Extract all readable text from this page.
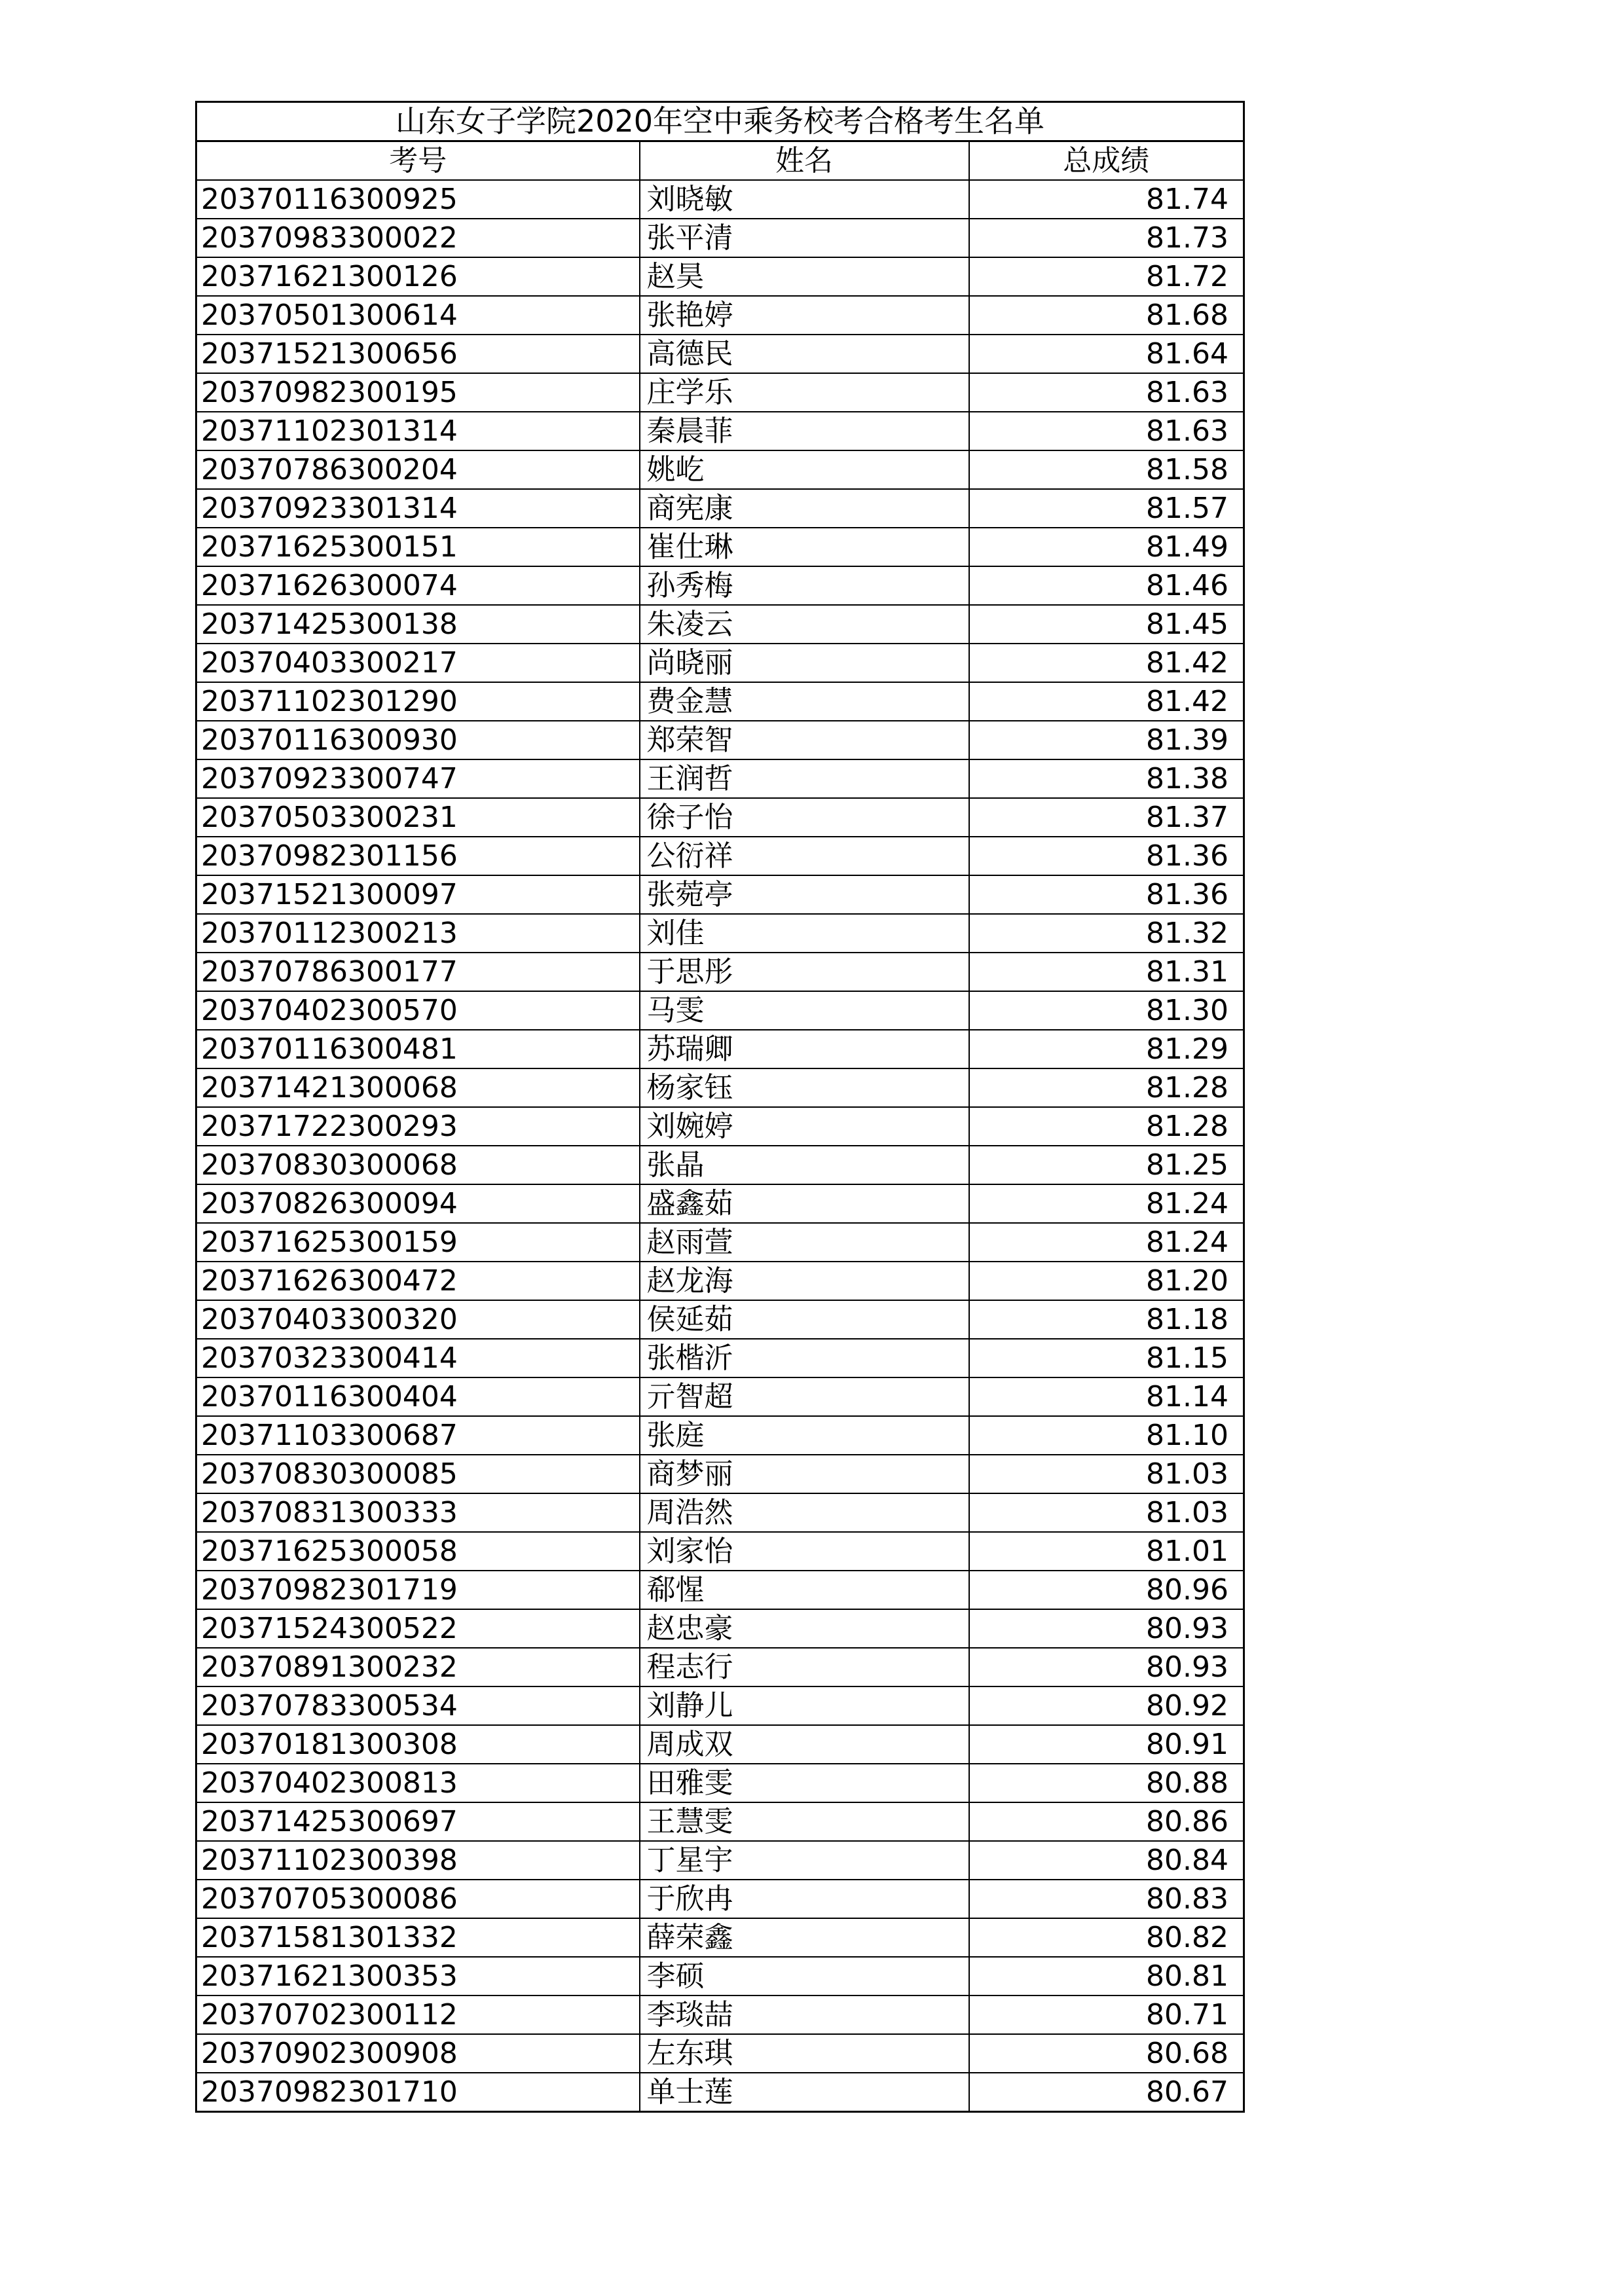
山东女子学院2020年空中乘务校考合格考生名单		
考号	姓名	总成绩
20370116300925	刘晓敏	81.74
20370983300022	张平清	81.73
20371621300126	赵昊	81.72
20370501300614	张艳婷	81.68
20371521300656	高德民	81.64
20370982300195	庄学乐	81.63
20371102301314	秦晨菲	81.63
20370786300204	姚屹	81.58
20370923301314	商宪康	81.57
20371625300151	崔仕琳	81.49
20371626300074	孙秀梅	81.46
20371425300138	朱凌云	81.45
20370403300217	尚晓丽	81.42
20371102301290	费金慧	81.42
20370116300930	郑荣智	81.39
20370923300747	王润哲	81.38
20370503300231	徐子怡	81.37
20370982301156	公衍祥	81.36
20371521300097	张菀亭	81.36
20370112300213	刘佳	81.32
20370786300177	于思彤	81.31
20370402300570	马雯	81.30
20370116300481	苏瑞卿	81.29
20371421300068	杨家钰	81.28
20371722300293	刘婉婷	81.28
20370830300068	张晶	81.25
20370826300094	盛鑫茹	81.24
20371625300159	赵雨萱	81.24
20371626300472	赵龙海	81.20
20370403300320	侯延茹	81.18
20370323300414	张楷沂	81.15
20370116300404	亓智超	81.14
20371103300687	张庭	81.10
20370830300085	商梦丽	81.03
20370831300333	周浩然	81.03
20371625300058	刘家怡	81.01
20370982301719	郗惺	80.96
20371524300522	赵忠豪	80.93
20370891300232	程志行	80.93
20370783300534	刘静儿	80.92
20370181300308	周成双	80.91
20370402300813	田雅雯	80.88
20371425300697	王慧雯	80.86
20371102300398	丁星宇	80.84
20370705300086	于欣冉	80.83
20371581301332	薛荣鑫	80.82
20371621300353	李硕	80.81
20370702300112	李琰喆	80.71
20370902300908	左东琪	80.68
20370982301710	单士莲	80.67
